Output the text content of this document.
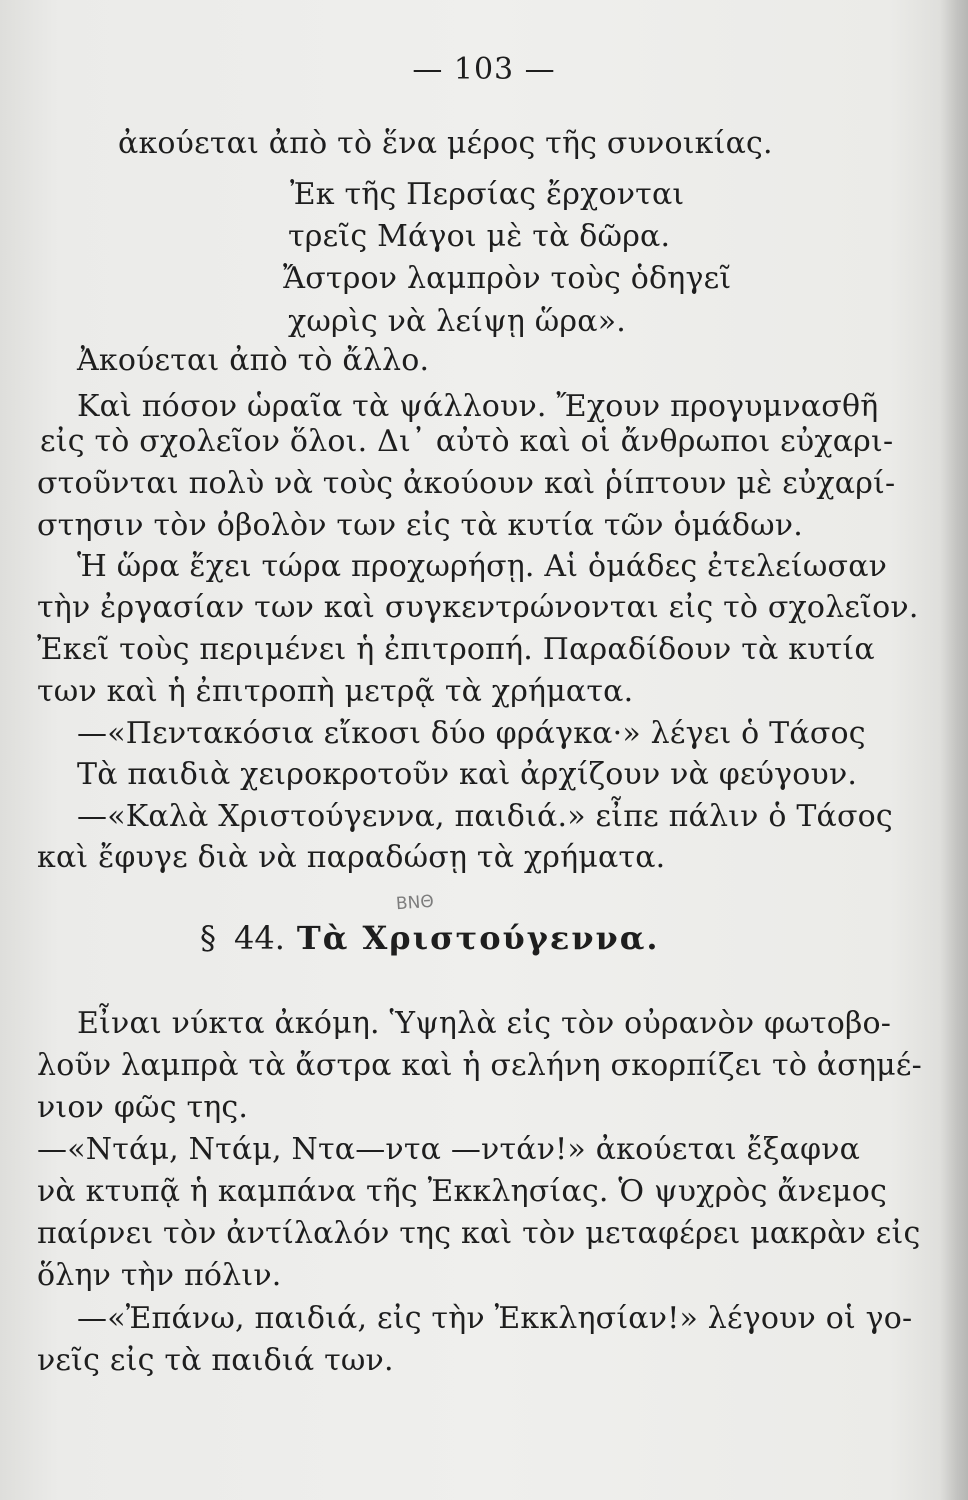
— 103 —
ἀκούεται ἀπὸ τὸ ἕνα μέρος τῆς συνοικίας.
Ἐκ τῆς Περσίας ἔρχονται
τρεῖς Μάγοι μὲ τὰ δῶρα.
Ἄστρον λαμπρὸν τοὺς ὁδηγεῖ
χωρὶς νὰ λείψῃ ὥρα».
Ἀκούεται ἀπὸ τὸ ἄλλο.
Καὶ πόσον ὡραῖα τὰ ψάλλουν. Ἔχουν προγυμνασθῆ
εἰς τὸ σχολεῖον ὅλοι. Δι᾽ αὐτὸ καὶ οἱ ἄνθρωποι εὐχαρι-
στοῦνται πολὺ νὰ τοὺς ἀκούουν καὶ ῥίπτουν μὲ εὐχαρί-
στησιν τὸν ὀβολὸν των εἰς τὰ κυτία τῶν ὁμάδων.
Ἡ ὥρα ἔχει τώρα προχωρήσῃ. Αἱ ὁμάδες ἐτελείωσαν
τὴν ἐργασίαν των καὶ συγκεντρώνονται εἰς τὸ σχολεῖον.
Ἐκεῖ τοὺς περιμένει ἡ ἐπιτροπή. Παραδίδουν τὰ κυτία
των καὶ ἡ ἐπιτροπὴ μετρᾷ τὰ χρήματα.
—«Πεντακόσια εἴκοσι δύο φράγκα·» λέγει ὁ Τάσος
Τὰ παιδιὰ χειροκροτοῦν καὶ ἀρχίζουν νὰ φεύγουν.
—«Καλὰ Χριστούγεννα, παιδιά.» εἶπε πάλιν ὁ Τάσος
καὶ ἔφυγε διὰ νὰ παραδώσῃ τὰ χρήματα.
ΒΝΘ
§ 44. Τὰ Χριστούγεννα.
Εἶναι νύκτα ἀκόμη. Ὑψηλὰ εἰς τὸν οὐρανὸν φωτοβο-
λοῦν λαμπρὰ τὰ ἄστρα καὶ ἡ σελήνη σκορπίζει τὸ ἀσημέ-
νιον φῶς της.
—«Ντάμ, Ντάμ, Ντα—ντα —ντάν!» ἀκούεται ἔξαφνα
νὰ κτυπᾷ ἡ καμπάνα τῆς Ἐκκλησίας. Ὁ ψυχρὸς ἄνεμος
παίρνει τὸν ἀντίλαλόν της καὶ τὸν μεταφέρει μακρὰν εἰς
ὅλην τὴν πόλιν.
—«Ἐπάνω, παιδιά, εἰς τὴν Ἐκκλησίαν!» λέγουν οἱ γο-
νεῖς εἰς τὰ παιδιά των.
